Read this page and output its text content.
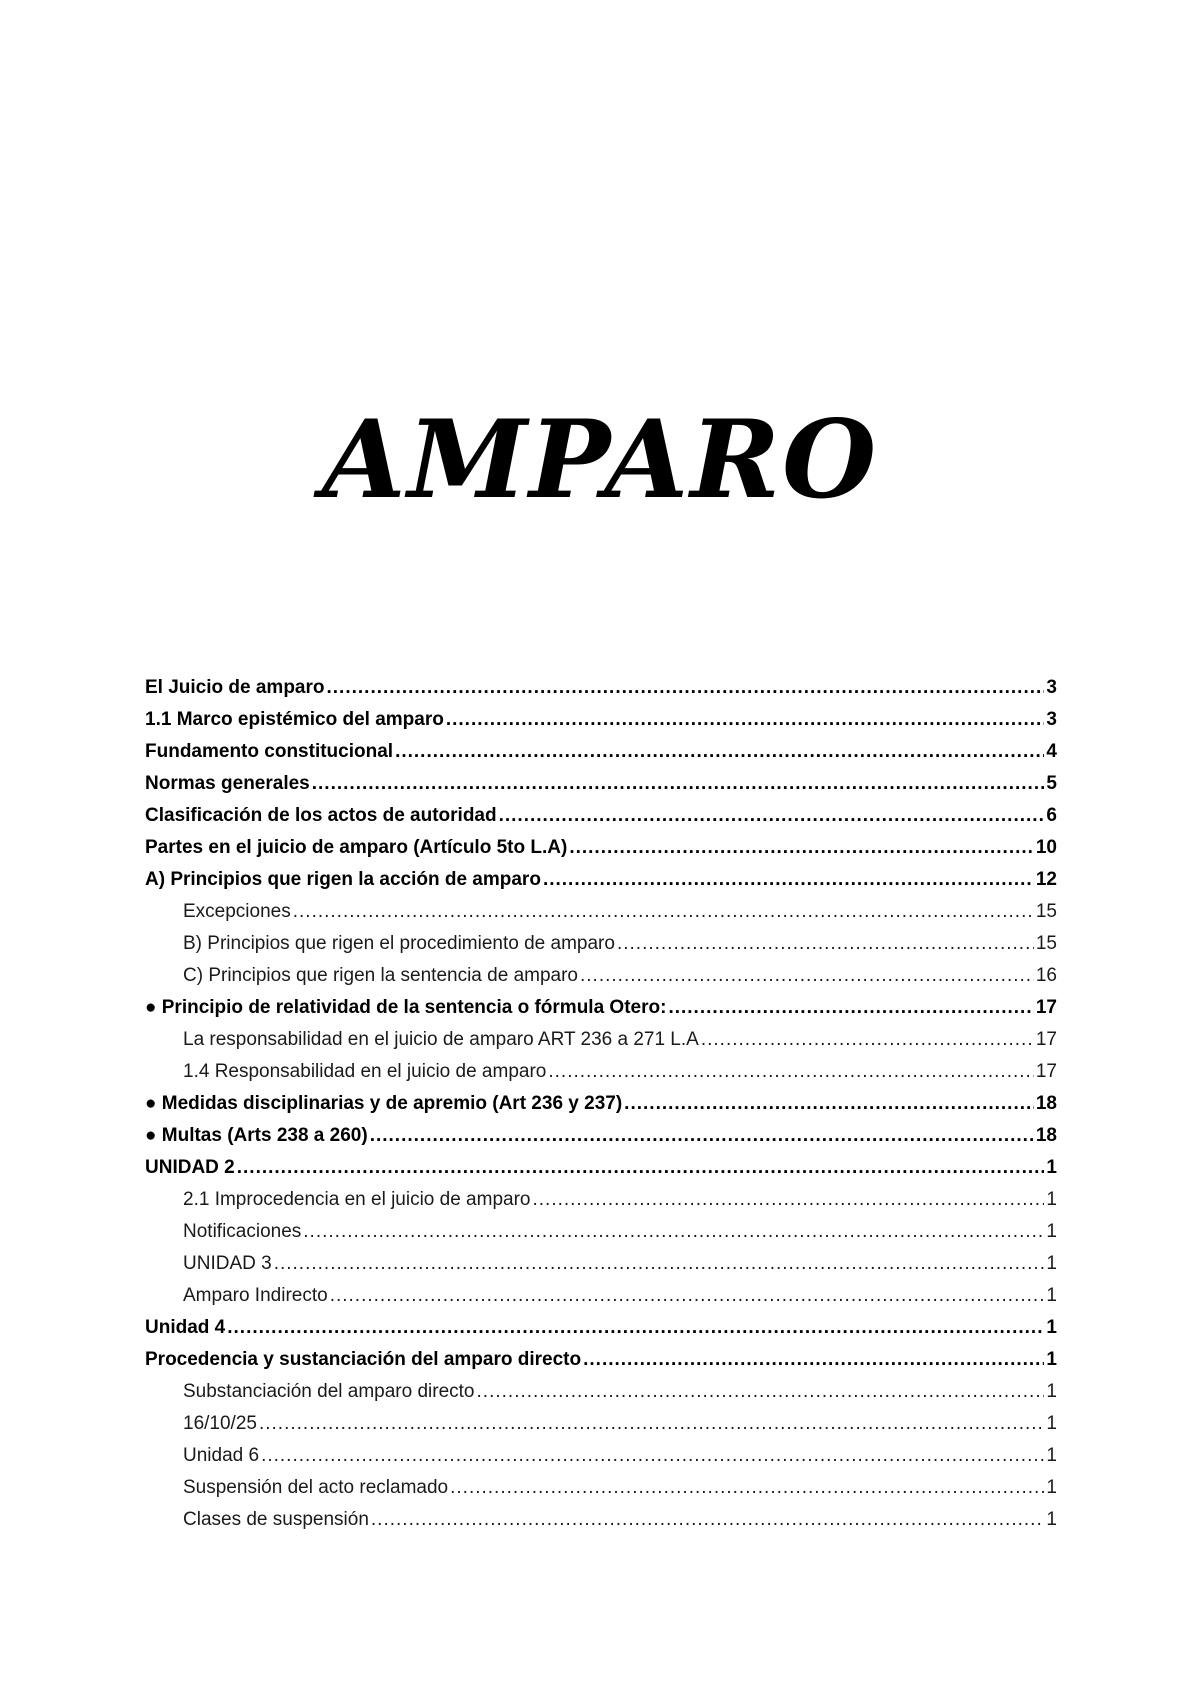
AMPARO
El Juicio de amparo .....	3
1.1 Marco epistémico del amparo .....	3
Fundamento constitucional .....	4
Normas generales .....	5
Clasificación de los actos de autoridad .....	6
Partes en el juicio de amparo (Artículo 5to L.A) .....	10
A) Principios que rigen la acción de amparo .....	12
Excepciones .....	15
B) Principios que rigen el procedimiento de amparo .....	15
C) Principios que rigen la sentencia de amparo .....	16
● Principio de relatividad de la sentencia o fórmula Otero: .....	17
La responsabilidad en el juicio de amparo ART 236 a 271 L.A .....	17
1.4 Responsabilidad en el juicio de amparo .....	17
● Medidas disciplinarias y de apremio (Art 236 y 237) .....	18
● Multas (Arts 238 a 260) .....	18
UNIDAD 2 .....	1
2.1 Improcedencia en el juicio de amparo .....	1
Notificaciones .....	1
UNIDAD 3 .....	1
Amparo Indirecto .....	1
Unidad 4 .....	1
Procedencia y sustanciación del amparo directo .....	1
Substanciación del amparo directo .....	1
16/10/25 .....	1
Unidad 6 .....	1
Suspensión del acto reclamado .....	1
Clases de suspensión .....	1
